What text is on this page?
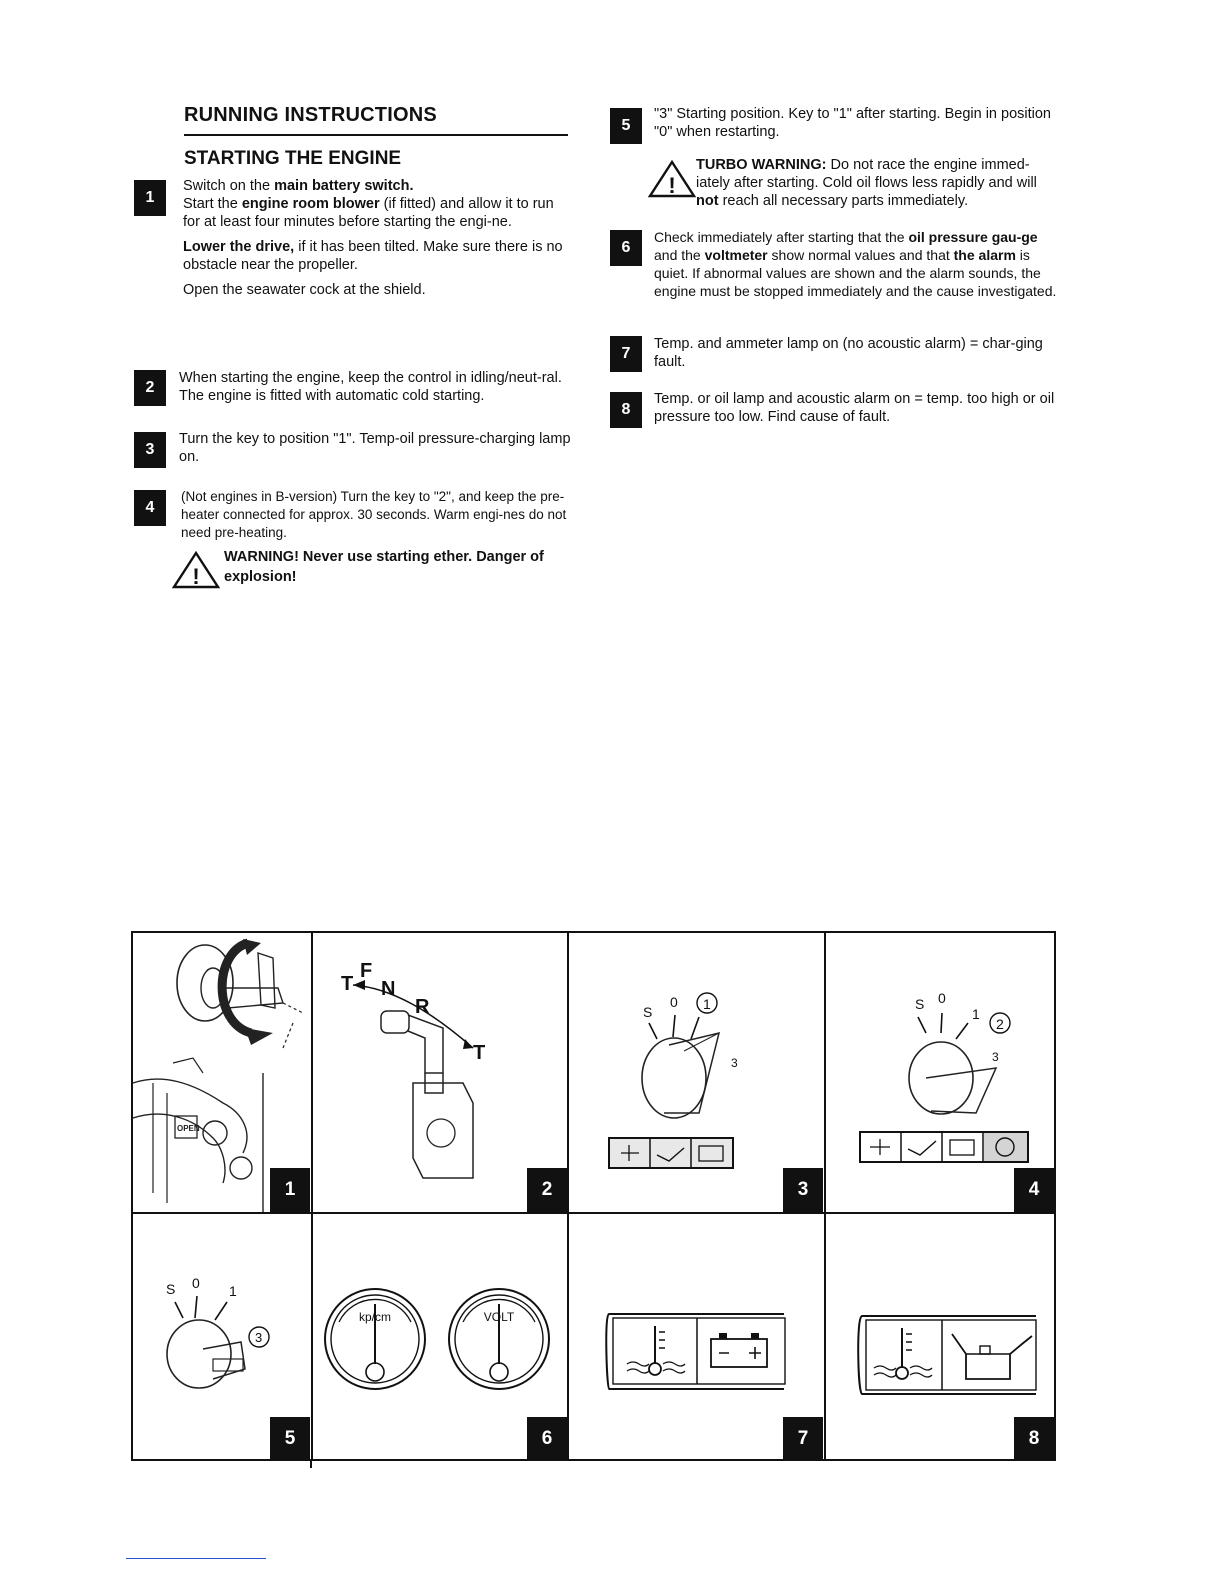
RUNNING INSTRUCTIONS
STARTING THE ENGINE
1

Switch on the main battery switch.
Start the engine room blower (if fitted) and allow it to run for at least four minutes before starting the engi-ne.

Lower the drive, if it has been tilted. Make sure there is no obstacle near the propeller.

Open the seawater cock at the shield.

2
When starting the engine, keep the control in idling/neut-ral. The engine is fitted with automatic cold starting.
3
Turn the key to position "1". Temp-oil pressure-charging lamp on.
4
(Not engines in B-version) Turn the key to "2", and keep the pre-heater connected for approx. 30 seconds. Warm engi-nes do not need pre-heating.
!
WARNING! Never use starting ether. Danger of explosion!
5
"3" Starting position. Key to "1" after starting. Begin in position "0" when restarting.
!
TURBO WARNING: Do not race the engine immed-iately after starting. Cold oil flows less rapidly and will not reach all necessary parts immediately.
6
Check immediately after starting that the oil pressure gau-ge and the voltmeter show normal values and that the alarm is quiet. If abnormal values are shown and the alarm sounds, the engine must be stopped immediately and the cause investigated.
7
Temp. and ammeter lamp on (no acoustic alarm) = char-ging fault.
8
Temp. or oil lamp and acoustic alarm on = temp. too high or oil pressure too low. Find cause of fault.
OPEN
1
T
F
N
R
T
2
S
0 1
3
3
S 0
1
2
3
4
S 0 1
3
5
kp/cm	VOLT
6	7	8
